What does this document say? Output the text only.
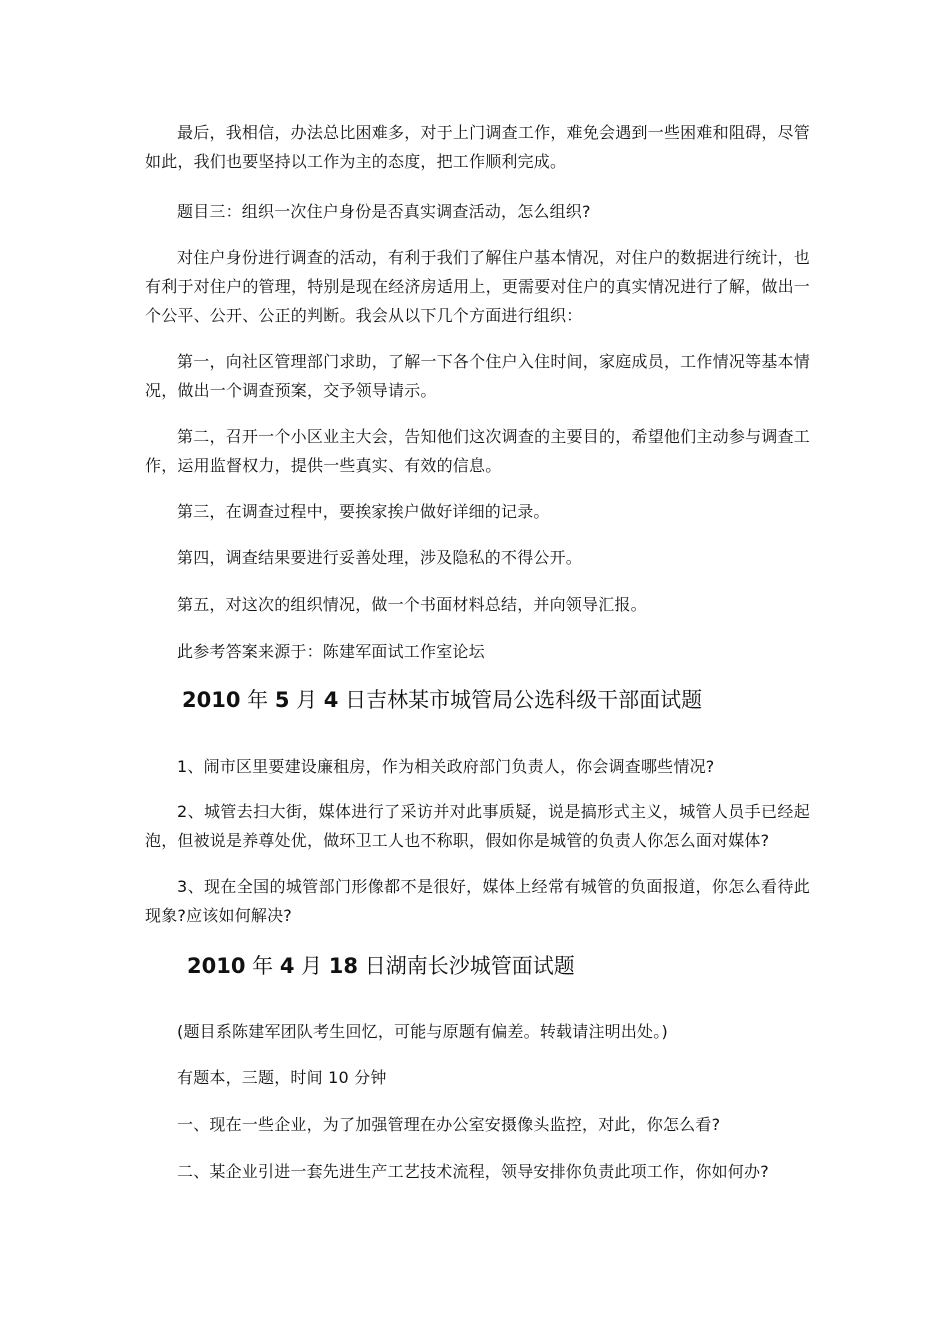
最后，我相信，办法总比困难多，对于上门调查工作，难免会遇到一些困难和阻碍，尽管如此，我们也要坚持以工作为主的态度，把工作顺利完成。

题目三：组织一次住户身份是否真实调查活动，怎么组织?

对住户身份进行调查的活动，有利于我们了解住户基本情况，对住户的数据进行统计，也有利于对住户的管理，特别是现在经济房适用上，更需要对住户的真实情况进行了解，做出一个公平、公开、公正的判断。我会从以下几个方面进行组织：

第一，向社区管理部门求助，了解一下各个住户入住时间，家庭成员，工作情况等基本情况，做出一个调查预案，交予领导请示。

第二，召开一个小区业主大会，告知他们这次调查的主要目的，希望他们主动参与调查工作，运用监督权力，提供一些真实、有效的信息。

第三，在调查过程中，要挨家挨户做好详细的记录。

第四，调查结果要进行妥善处理，涉及隐私的不得公开。

第五，对这次的组织情况，做一个书面材料总结，并向领导汇报。

此参考答案来源于：陈建军面试工作室论坛

2010 年 5 月 4 日吉林某市城管局公选科级干部面试题

1、闹市区里要建设廉租房，作为相关政府部门负责人，你会调查哪些情况?

2、城管去扫大街，媒体进行了采访并对此事质疑，说是搞形式主义，城管人员手已经起泡，但被说是养尊处优，做环卫工人也不称职，假如你是城管的负责人你怎么面对媒体?

3、现在全国的城管部门形像都不是很好，媒体上经常有城管的负面报道，你怎么看待此现象?应该如何解决?

2010 年 4 月 18 日湖南长沙城管面试题

(题目系陈建军团队考生回忆，可能与原题有偏差。转载请注明出处。)

有题本，三题，时间 10 分钟

一、现在一些企业，为了加强管理在办公室安摄像头监控，对此，你怎么看?

二、某企业引进一套先进生产工艺技术流程，领导安排你负责此项工作，你如何办?
